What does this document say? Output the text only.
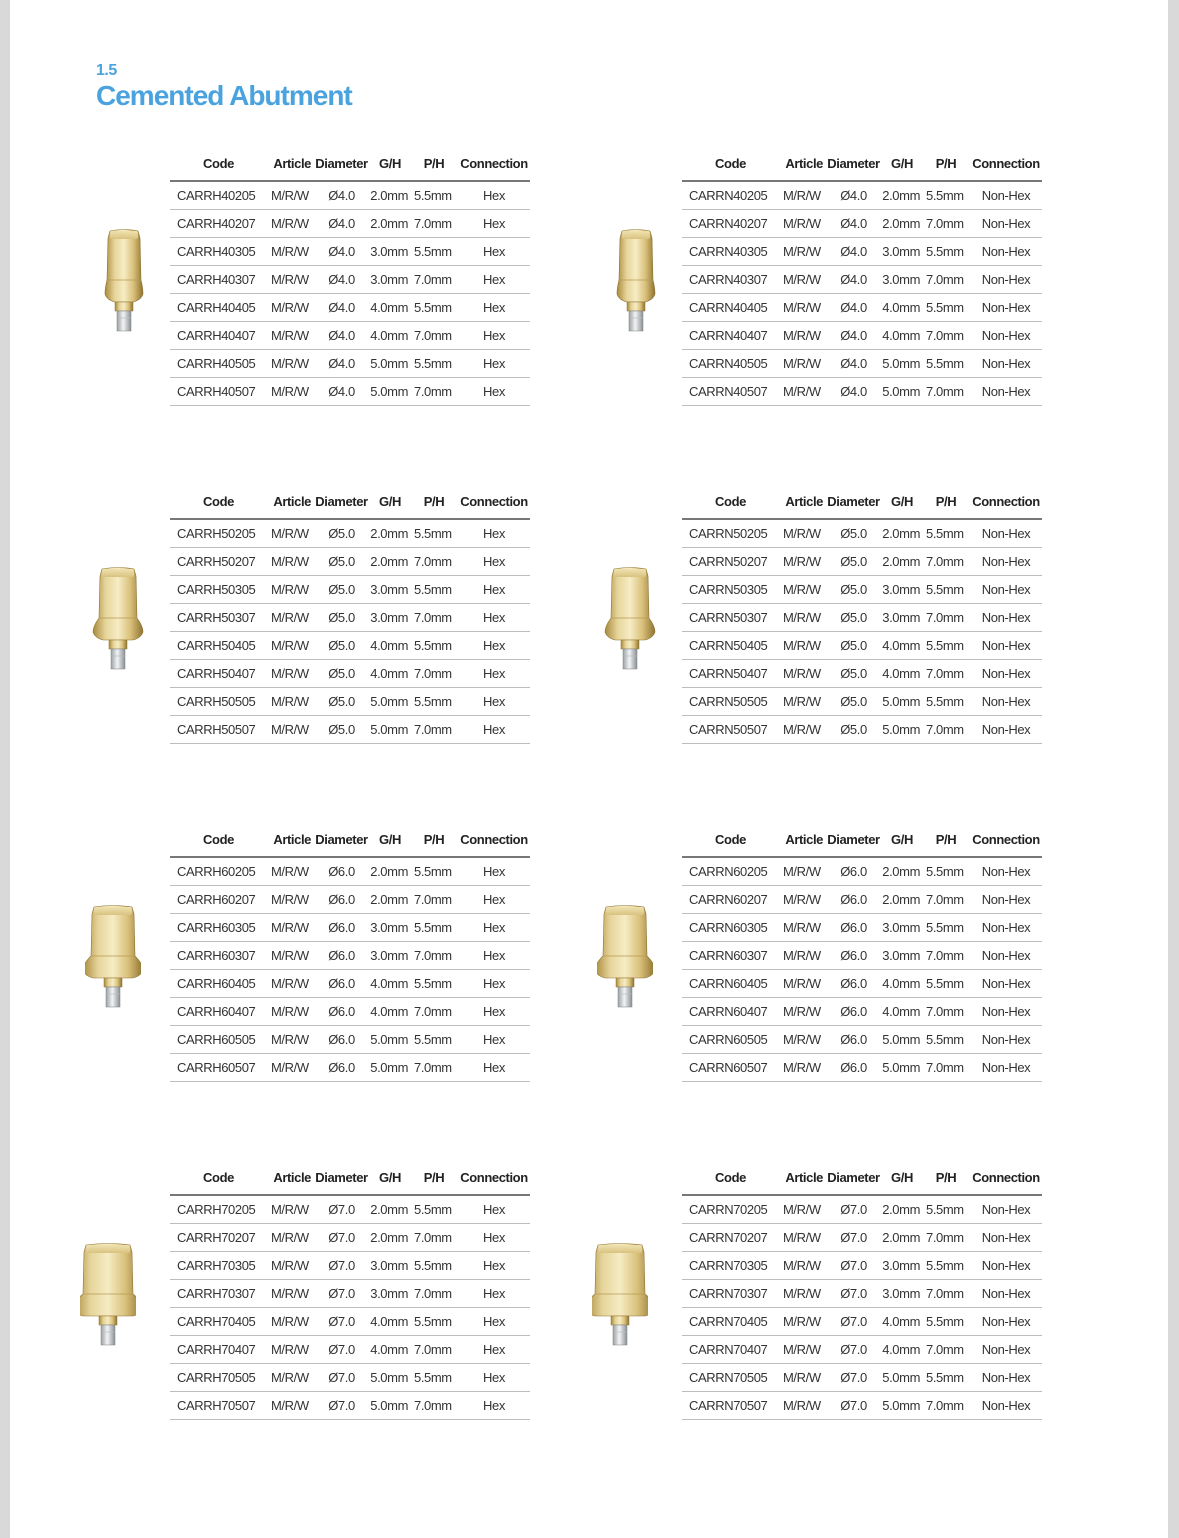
1.5
Cemented Abutment
Code	Article	Diameter	G/H	P/H	Connection
CARRH40205	M/R/W	Ø4.0	2.0mm	5.5mm	Hex
CARRH40207	M/R/W	Ø4.0	2.0mm	7.0mm	Hex
CARRH40305	M/R/W	Ø4.0	3.0mm	5.5mm	Hex
CARRH40307	M/R/W	Ø4.0	3.0mm	7.0mm	Hex
CARRH40405	M/R/W	Ø4.0	4.0mm	5.5mm	Hex
CARRH40407	M/R/W	Ø4.0	4.0mm	7.0mm	Hex
CARRH40505	M/R/W	Ø4.0	5.0mm	5.5mm	Hex
CARRH40507	M/R/W	Ø4.0	5.0mm	7.0mm	Hex
Code	Article	Diameter	G/H	P/H	Connection
CARRN40205	M/R/W	Ø4.0	2.0mm	5.5mm	Non-Hex
CARRN40207	M/R/W	Ø4.0	2.0mm	7.0mm	Non-Hex
CARRN40305	M/R/W	Ø4.0	3.0mm	5.5mm	Non-Hex
CARRN40307	M/R/W	Ø4.0	3.0mm	7.0mm	Non-Hex
CARRN40405	M/R/W	Ø4.0	4.0mm	5.5mm	Non-Hex
CARRN40407	M/R/W	Ø4.0	4.0mm	7.0mm	Non-Hex
CARRN40505	M/R/W	Ø4.0	5.0mm	5.5mm	Non-Hex
CARRN40507	M/R/W	Ø4.0	5.0mm	7.0mm	Non-Hex
Code	Article	Diameter	G/H	P/H	Connection
CARRH50205	M/R/W	Ø5.0	2.0mm	5.5mm	Hex
CARRH50207	M/R/W	Ø5.0	2.0mm	7.0mm	Hex
CARRH50305	M/R/W	Ø5.0	3.0mm	5.5mm	Hex
CARRH50307	M/R/W	Ø5.0	3.0mm	7.0mm	Hex
CARRH50405	M/R/W	Ø5.0	4.0mm	5.5mm	Hex
CARRH50407	M/R/W	Ø5.0	4.0mm	7.0mm	Hex
CARRH50505	M/R/W	Ø5.0	5.0mm	5.5mm	Hex
CARRH50507	M/R/W	Ø5.0	5.0mm	7.0mm	Hex
Code	Article	Diameter	G/H	P/H	Connection
CARRN50205	M/R/W	Ø5.0	2.0mm	5.5mm	Non-Hex
CARRN50207	M/R/W	Ø5.0	2.0mm	7.0mm	Non-Hex
CARRN50305	M/R/W	Ø5.0	3.0mm	5.5mm	Non-Hex
CARRN50307	M/R/W	Ø5.0	3.0mm	7.0mm	Non-Hex
CARRN50405	M/R/W	Ø5.0	4.0mm	5.5mm	Non-Hex
CARRN50407	M/R/W	Ø5.0	4.0mm	7.0mm	Non-Hex
CARRN50505	M/R/W	Ø5.0	5.0mm	5.5mm	Non-Hex
CARRN50507	M/R/W	Ø5.0	5.0mm	7.0mm	Non-Hex
Code	Article	Diameter	G/H	P/H	Connection
CARRH60205	M/R/W	Ø6.0	2.0mm	5.5mm	Hex
CARRH60207	M/R/W	Ø6.0	2.0mm	7.0mm	Hex
CARRH60305	M/R/W	Ø6.0	3.0mm	5.5mm	Hex
CARRH60307	M/R/W	Ø6.0	3.0mm	7.0mm	Hex
CARRH60405	M/R/W	Ø6.0	4.0mm	5.5mm	Hex
CARRH60407	M/R/W	Ø6.0	4.0mm	7.0mm	Hex
CARRH60505	M/R/W	Ø6.0	5.0mm	5.5mm	Hex
CARRH60507	M/R/W	Ø6.0	5.0mm	7.0mm	Hex
Code	Article	Diameter	G/H	P/H	Connection
CARRN60205	M/R/W	Ø6.0	2.0mm	5.5mm	Non-Hex
CARRN60207	M/R/W	Ø6.0	2.0mm	7.0mm	Non-Hex
CARRN60305	M/R/W	Ø6.0	3.0mm	5.5mm	Non-Hex
CARRN60307	M/R/W	Ø6.0	3.0mm	7.0mm	Non-Hex
CARRN60405	M/R/W	Ø6.0	4.0mm	5.5mm	Non-Hex
CARRN60407	M/R/W	Ø6.0	4.0mm	7.0mm	Non-Hex
CARRN60505	M/R/W	Ø6.0	5.0mm	5.5mm	Non-Hex
CARRN60507	M/R/W	Ø6.0	5.0mm	7.0mm	Non-Hex
Code	Article	Diameter	G/H	P/H	Connection
CARRH70205	M/R/W	Ø7.0	2.0mm	5.5mm	Hex
CARRH70207	M/R/W	Ø7.0	2.0mm	7.0mm	Hex
CARRH70305	M/R/W	Ø7.0	3.0mm	5.5mm	Hex
CARRH70307	M/R/W	Ø7.0	3.0mm	7.0mm	Hex
CARRH70405	M/R/W	Ø7.0	4.0mm	5.5mm	Hex
CARRH70407	M/R/W	Ø7.0	4.0mm	7.0mm	Hex
CARRH70505	M/R/W	Ø7.0	5.0mm	5.5mm	Hex
CARRH70507	M/R/W	Ø7.0	5.0mm	7.0mm	Hex
Code	Article	Diameter	G/H	P/H	Connection
CARRN70205	M/R/W	Ø7.0	2.0mm	5.5mm	Non-Hex
CARRN70207	M/R/W	Ø7.0	2.0mm	7.0mm	Non-Hex
CARRN70305	M/R/W	Ø7.0	3.0mm	5.5mm	Non-Hex
CARRN70307	M/R/W	Ø7.0	3.0mm	7.0mm	Non-Hex
CARRN70405	M/R/W	Ø7.0	4.0mm	5.5mm	Non-Hex
CARRN70407	M/R/W	Ø7.0	4.0mm	7.0mm	Non-Hex
CARRN70505	M/R/W	Ø7.0	5.0mm	5.5mm	Non-Hex
CARRN70507	M/R/W	Ø7.0	5.0mm	7.0mm	Non-Hex
